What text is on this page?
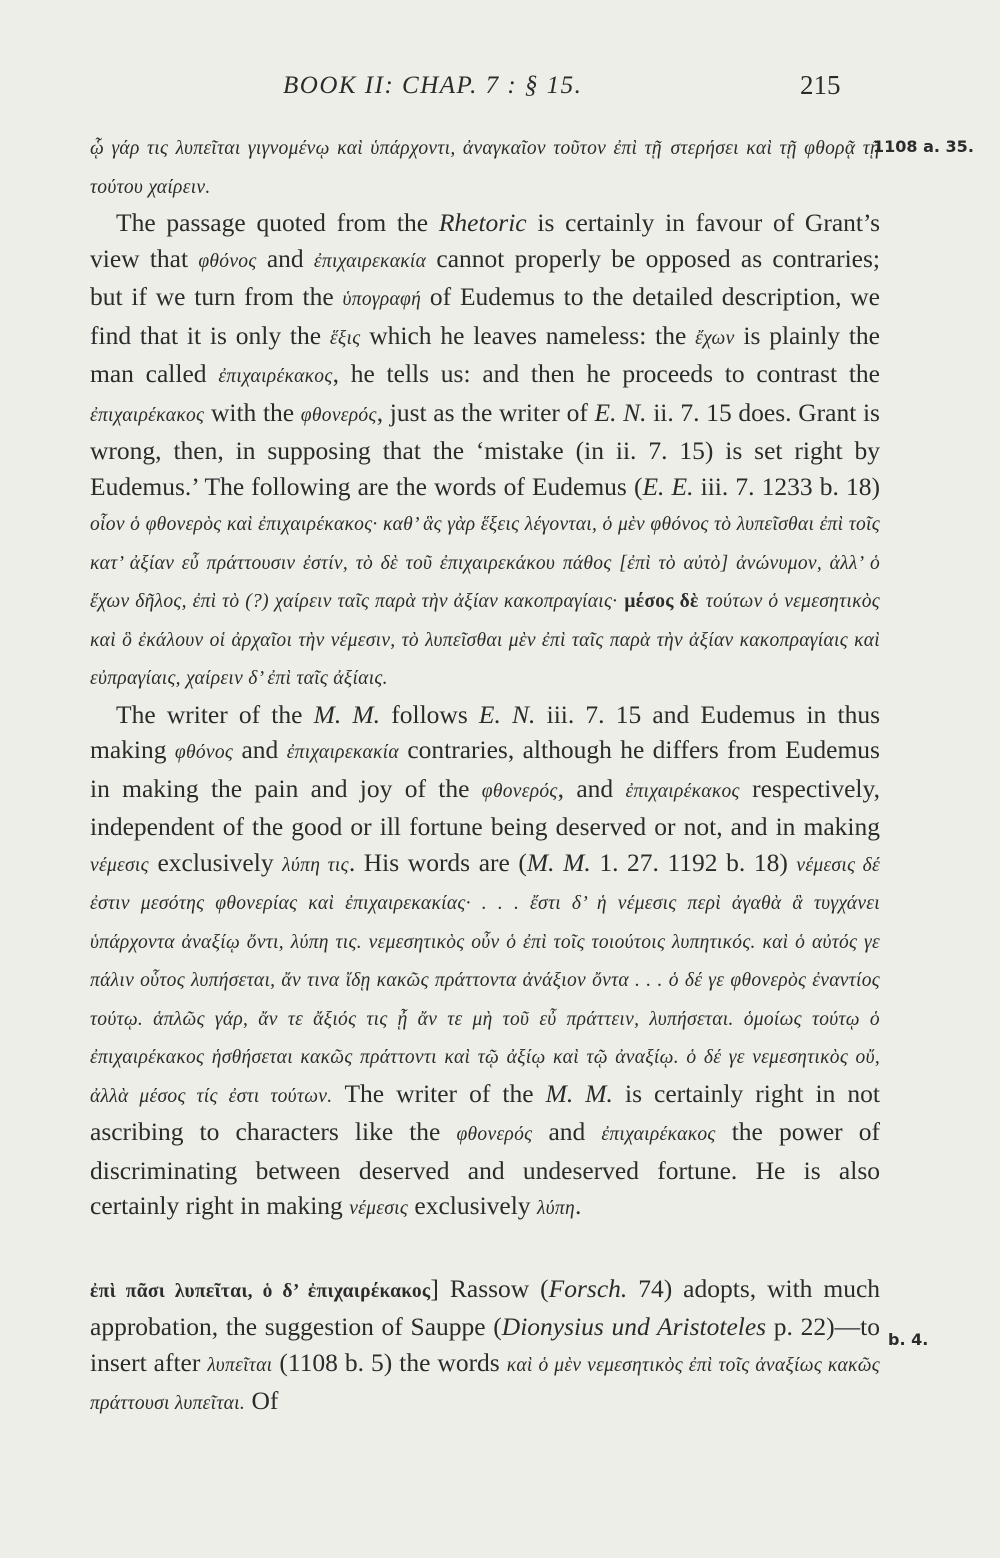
BOOK II: CHAP. 7 : § 15.	215
1108 a. 35.
b. 4.

ᾧ γάρ τις λυπεῖται γιγνομένῳ καὶ ὑπάρχοντι, ἀναγκαῖον τοῦτον ἐπὶ τῇ στερήσει καὶ τῇ φθορᾷ τῇ τούτου χαίρειν.

The passage quoted from the Rhetoric is certainly in favour of Grant’s view that φθόνος and ἐπιχαιρεκακία cannot properly be opposed as contraries; but if we turn from the ὑπογραφή of Eudemus to the detailed description, we find that it is only the ἕξις which he leaves nameless: the ἔχων is plainly the man called ἐπιχαιρέκακος, he tells us: and then he proceeds to contrast the ἐπιχαιρέκακος with the φθονερός, just as the writer of E. N. ii. 7. 15 does. Grant is wrong, then, in supposing that the ‘mistake (in ii. 7. 15) is set right by Eudemus.’ The following are the words of Eudemus (E. E. iii. 7. 1233 b. 18) οἷον ὁ φθονερὸς καὶ ἐπιχαιρέκακος· καθ’ ἃς γὰρ ἕξεις λέγονται, ὁ μὲν φθόνος τὸ λυπεῖσθαι ἐπὶ τοῖς κατ’ ἀξίαν εὖ πράττουσιν ἐστίν, τὸ δὲ τοῦ ἐπιχαιρεκάκου πάθος [ἐπὶ τὸ αὐτὸ] ἀνώνυμον, ἀλλ’ ὁ ἔχων δῆλος, ἐπὶ τὸ (?) χαίρειν ταῖς παρὰ τὴν ἀξίαν κακοπραγίαις· μέσος δὲ τούτων ὁ νεμεσητικὸς καὶ ὃ ἐκάλουν οἱ ἀρχαῖοι τὴν νέμεσιν, τὸ λυπεῖσθαι μὲν ἐπὶ ταῖς παρὰ τὴν ἀξίαν κακοπραγίαις καὶ εὐπραγίαις, χαίρειν δ’ ἐπὶ ταῖς ἀξίαις.

The writer of the M. M. follows E. N. iii. 7. 15 and Eudemus in thus making φθόνος and ἐπιχαιρεκακία contraries, although he differs from Eudemus in making the pain and joy of the φθονερός, and ἐπιχαιρέκακος respectively, independent of the good or ill fortune being deserved or not, and in making νέμεσις exclusively λύπη τις. His words are (M. M. 1. 27. 1192 b. 18) νέμεσις δέ ἐστιν μεσότης φθονερίας καὶ ἐπιχαιρεκακίας· . . . ἔστι δ’ ἡ νέμεσις περὶ ἀγαθὰ ἃ τυγχάνει ὑπάρχοντα ἀναξίῳ ὄντι, λύπη τις. νεμεσητικὸς οὖν ὁ ἐπὶ τοῖς τοιούτοις λυπητικός. καὶ ὁ αὐτός γε πάλιν οὗτος λυπήσεται, ἄν τινα ἴδῃ κακῶς πράττοντα ἀνάξιον ὄντα . . . ὁ δέ γε φθονερὸς ἐναντίος τούτῳ. ἁπλῶς γάρ, ἄν τε ἄξιός τις ᾖ ἄν τε μὴ τοῦ εὖ πράττειν, λυπήσεται. ὁμοίως τούτῳ ὁ ἐπιχαιρέκακος ἡσθήσεται κακῶς πράττοντι καὶ τῷ ἀξίῳ καὶ τῷ ἀναξίῳ. ὁ δέ γε νεμεσητικὸς οὔ, ἀλλὰ μέσος τίς ἐστι τούτων. The writer of the M. M. is certainly right in not ascribing to characters like the φθονερός and ἐπιχαιρέκακος the power of discriminating between deserved and undeserved fortune. He is also certainly right in making νέμεσις exclusively λύπη.

ἐπὶ πᾶσι λυπεῖται, ὁ δ’ ἐπιχαιρέκακος] Rassow (Forsch. 74) adopts, with much approbation, the suggestion of Sauppe (Dionysius und Aristoteles p. 22)—to insert after λυπεῖται (1108 b. 5) the words καὶ ὁ μὲν νεμεσητικὸς ἐπὶ τοῖς ἀναξίως κακῶς πράττουσι λυπεῖται. Of
